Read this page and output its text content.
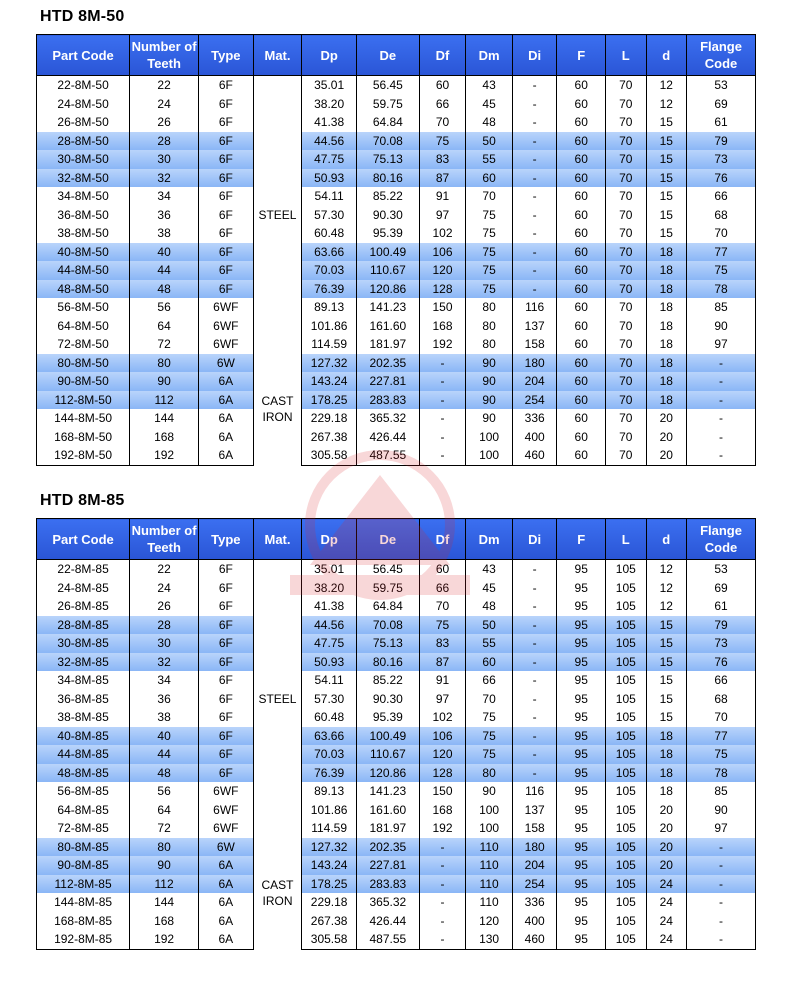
HTD 8M-50
Part Code	Number of Teeth	Type	Mat.	Dp	De	Df	Dm	Di	F	L	d	Flange Code
22-8M-50	22	6F	STEEL	35.01	56.45	60	43	-	60	70	12	53
24-8M-50	24	6F		38.20	59.75	66	45	-	60	70	12	69
26-8M-50	26	6F		41.38	64.84	70	48	-	60	70	15	61
28-8M-50	28	6F		44.56	70.08	75	50	-	60	70	15	79
30-8M-50	30	6F		47.75	75.13	83	55	-	60	70	15	73
32-8M-50	32	6F		50.93	80.16	87	60	-	60	70	15	76
34-8M-50	34	6F		54.11	85.22	91	70	-	60	70	15	66
36-8M-50	36	6F		57.30	90.30	97	75	-	60	70	15	68
38-8M-50	38	6F		60.48	95.39	102	75	-	60	70	15	70
40-8M-50	40	6F		63.66	100.49	106	75	-	60	70	18	77
44-8M-50	44	6F		70.03	110.67	120	75	-	60	70	18	75
48-8M-50	48	6F		76.39	120.86	128	75	-	60	70	18	78
56-8M-50	56	6WF		89.13	141.23	150	80	116	60	70	18	85
64-8M-50	64	6WF		101.86	161.60	168	80	137	60	70	18	90
72-8M-50	72	6WF		114.59	181.97	192	80	158	60	70	18	97
80-8M-50	80	6W	CAST IRON	127.32	202.35	-	90	180	60	70	18	-
90-8M-50	90	6A		143.24	227.81	-	90	204	60	70	18	-
112-8M-50	112	6A		178.25	283.83	-	90	254	60	70	18	-
144-8M-50	144	6A		229.18	365.32	-	90	336	60	70	20	-
168-8M-50	168	6A		267.38	426.44	-	100	400	60	70	20	-
192-8M-50	192	6A		305.58	487.55	-	100	460	60	70	20	-
HTD 8M-85
Part Code	Number of Teeth	Type	Mat.	Dp	De	Df	Dm	Di	F	L	d	Flange Code
22-8M-85	22	6F	STEEL	35.01	56.45	60	43	-	95	105	12	53
24-8M-85	24	6F		38.20	59.75	66	45	-	95	105	12	69
26-8M-85	26	6F		41.38	64.84	70	48	-	95	105	12	61
28-8M-85	28	6F		44.56	70.08	75	50	-	95	105	15	79
30-8M-85	30	6F		47.75	75.13	83	55	-	95	105	15	73
32-8M-85	32	6F		50.93	80.16	87	60	-	95	105	15	76
34-8M-85	34	6F		54.11	85.22	91	66	-	95	105	15	66
36-8M-85	36	6F		57.30	90.30	97	70	-	95	105	15	68
38-8M-85	38	6F		60.48	95.39	102	75	-	95	105	15	70
40-8M-85	40	6F		63.66	100.49	106	75	-	95	105	18	77
44-8M-85	44	6F		70.03	110.67	120	75	-	95	105	18	75
48-8M-85	48	6F		76.39	120.86	128	80	-	95	105	18	78
56-8M-85	56	6WF		89.13	141.23	150	90	116	95	105	18	85
64-8M-85	64	6WF		101.86	161.60	168	100	137	95	105	20	90
72-8M-85	72	6WF		114.59	181.97	192	100	158	95	105	20	97
80-8M-85	80	6W	CAST IRON	127.32	202.35	-	110	180	95	105	20	-
90-8M-85	90	6A		143.24	227.81	-	110	204	95	105	20	-
112-8M-85	112	6A		178.25	283.83	-	110	254	95	105	24	-
144-8M-85	144	6A		229.18	365.32	-	110	336	95	105	24	-
168-8M-85	168	6A		267.38	426.44	-	120	400	95	105	24	-
192-8M-85	192	6A		305.58	487.55	-	130	460	95	105	24	-
